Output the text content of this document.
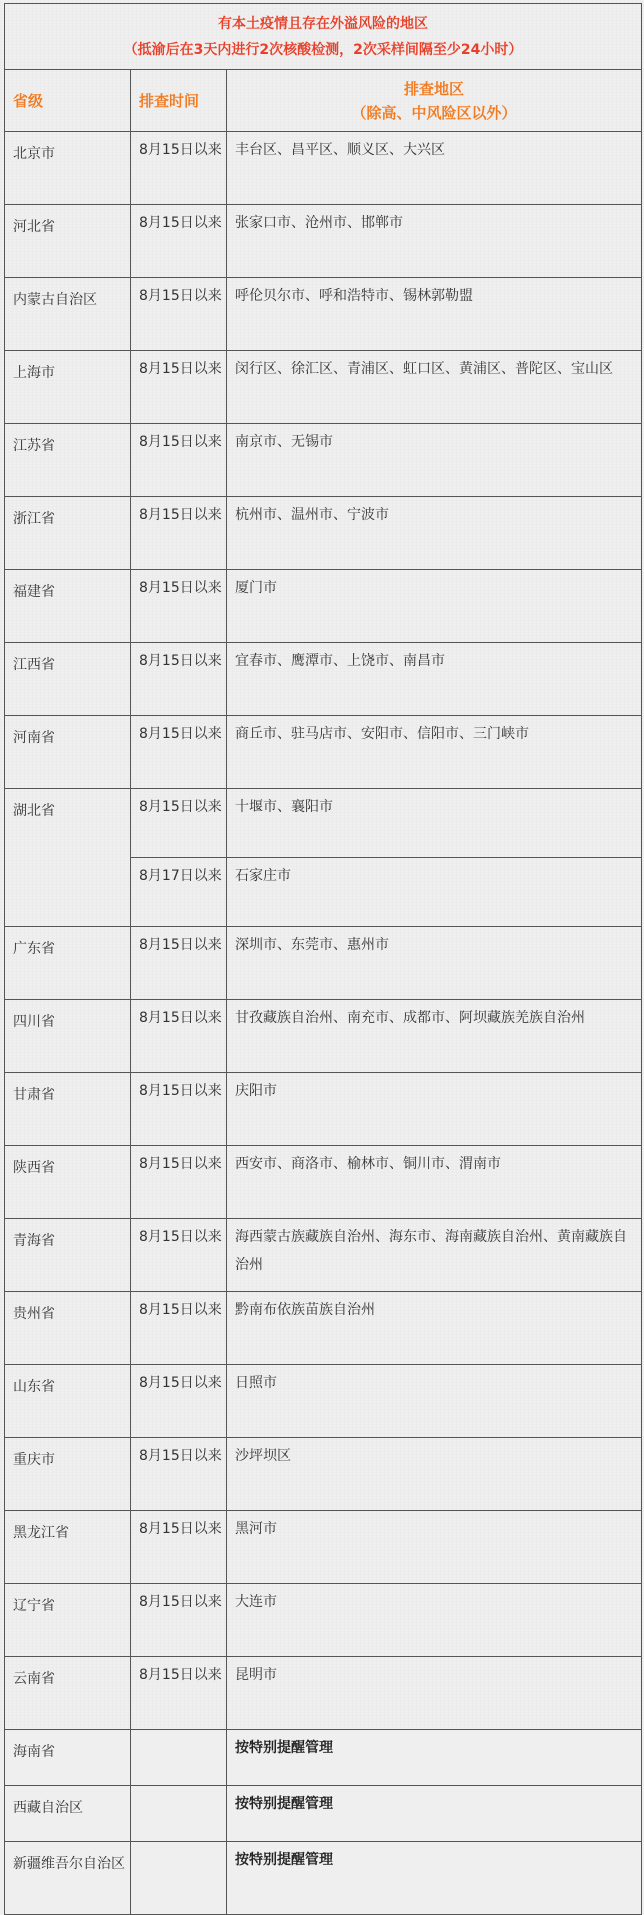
有本土疫情且存在外溢风险的地区
（抵渝后在3天内进行2次核酸检测，2次采样间隔至少24小时）		

省级	排查时间	排查地区
（除高、中风险区以外）

北京市	8月15日以来	丰台区、昌平区、顺义区、大兴区
河北省	8月15日以来	张家口市、沧州市、邯郸市
内蒙古自治区	8月15日以来	呼伦贝尔市、呼和浩特市、锡林郭勒盟
上海市	8月15日以来	闵行区、徐汇区、青浦区、虹口区、黄浦区、普陀区、宝山区
江苏省	8月15日以来	南京市、无锡市
浙江省	8月15日以来	杭州市、温州市、宁波市
福建省	8月15日以来	厦门市
江西省	8月15日以来	宜春市、鹰潭市、上饶市、南昌市
河南省	8月15日以来	商丘市、驻马店市、安阳市、信阳市、三门峡市
湖北省	8月15日以来	十堰市、襄阳市
	8月17日以来	石家庄市
广东省	8月15日以来	深圳市、东莞市、惠州市
四川省	8月15日以来	甘孜藏族自治州、南充市、成都市、阿坝藏族羌族自治州
甘肃省	8月15日以来	庆阳市
陕西省	8月15日以来	西安市、商洛市、榆林市、铜川市、渭南市
青海省	8月15日以来	海西蒙古族藏族自治州、海东市、海南藏族自治州、黄南藏族自治州
贵州省	8月15日以来	黔南布依族苗族自治州
山东省	8月15日以来	日照市
重庆市	8月15日以来	沙坪坝区
黑龙江省	8月15日以来	黑河市
辽宁省	8月15日以来	大连市
云南省	8月15日以来	昆明市
海南省		按特别提醒管理
西藏自治区		按特别提醒管理
新疆维吾尔自治区		按特别提醒管理
